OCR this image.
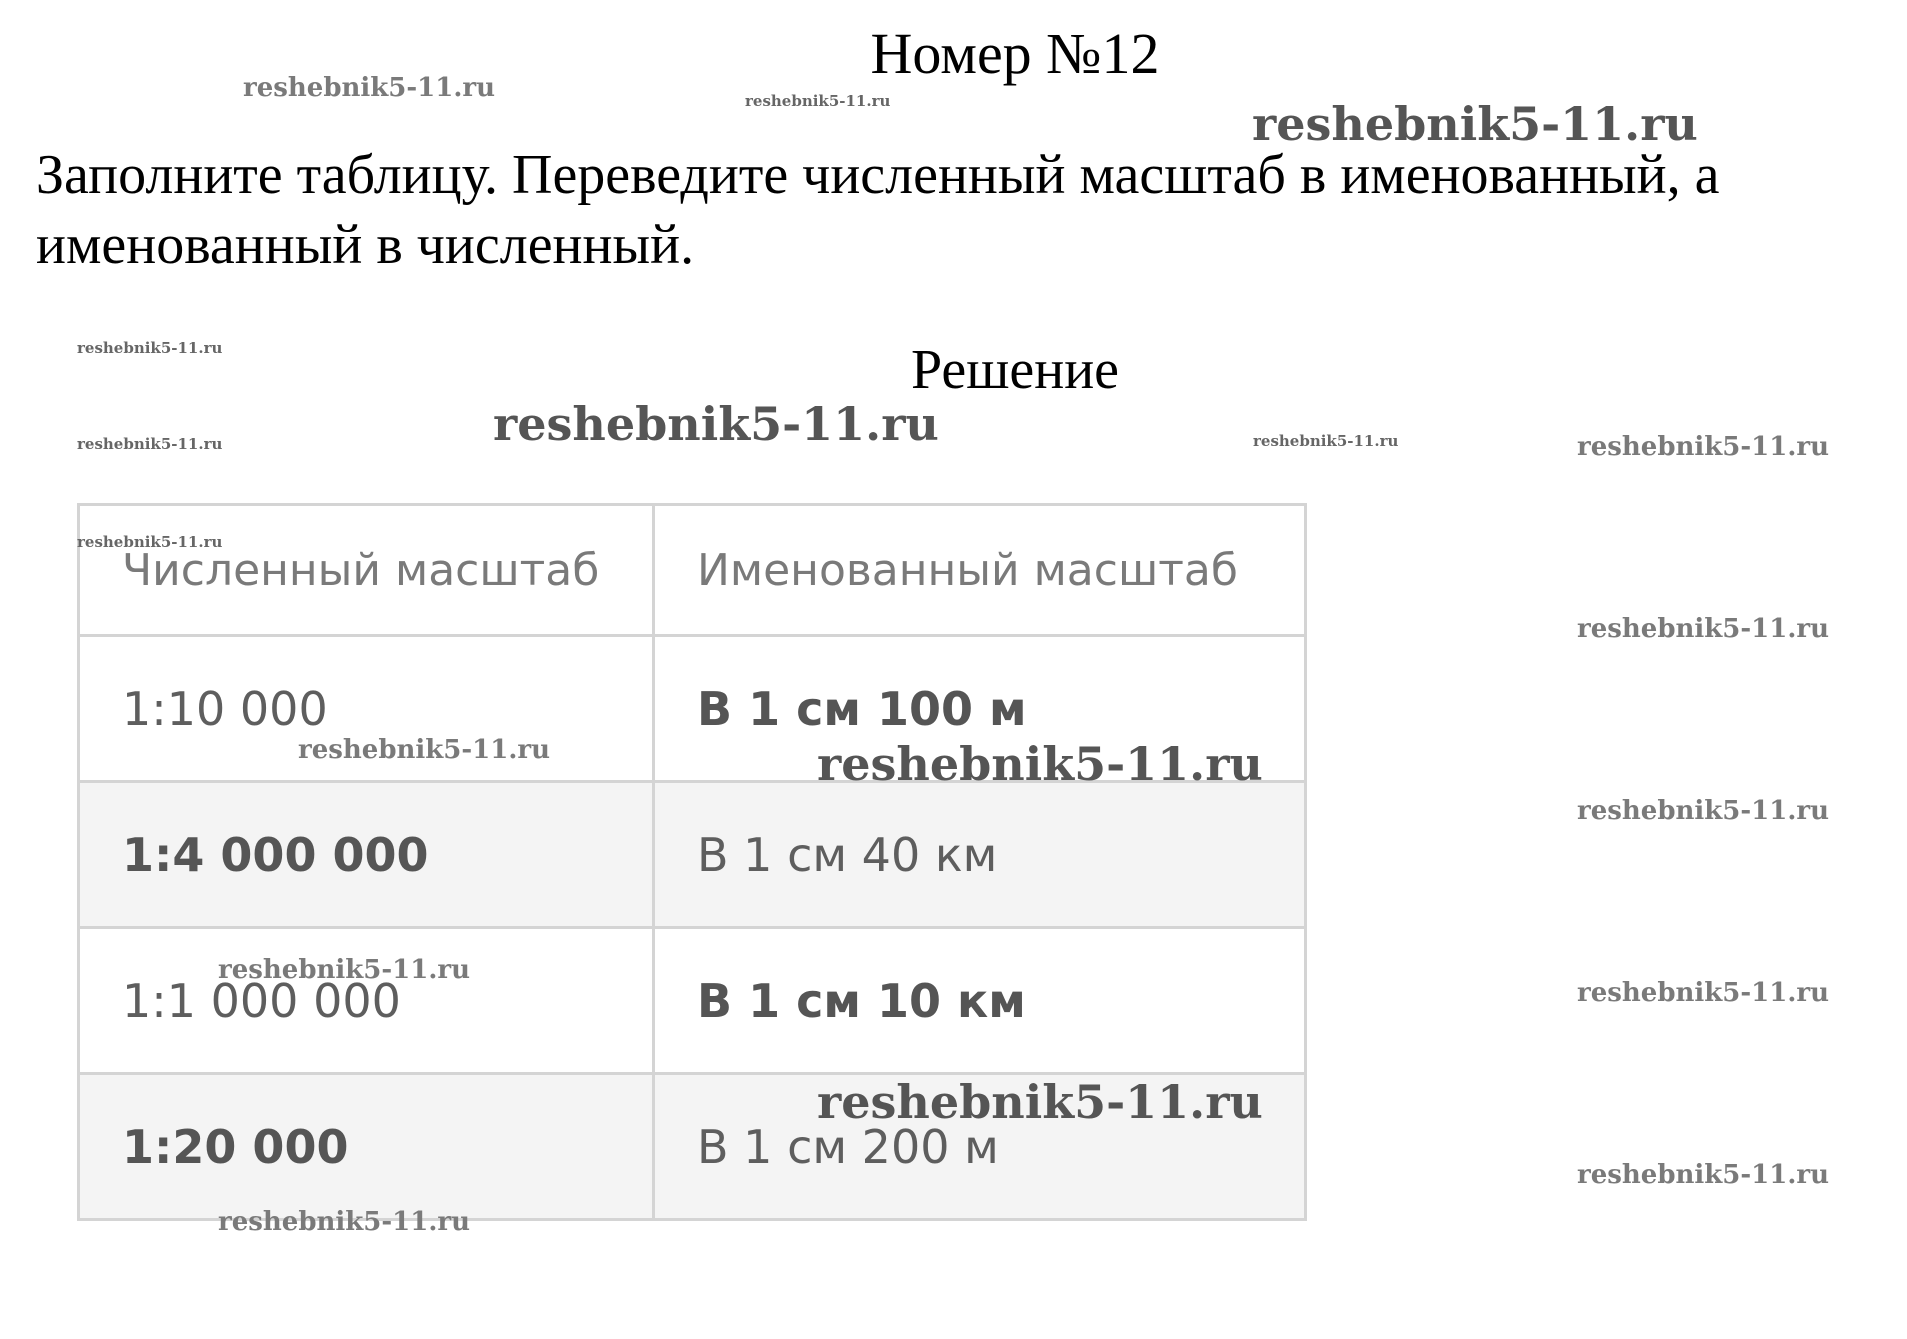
Номер №12
Заполните таблицу. Переведите численный масштаб в именованный, а именованный в численный.
Решение
Численный масштаб	Именованный масштаб
1:10 000	В 1 см 100 м
1:4 000 000	В 1 см 40 км
1:1 000 000	В 1 см 10 км
1:20 000	В 1 см 200 м
reshebnik5-11.ru	reshebnik5-11.ru	reshebnik5-11.ru
reshebnik5-11.ru
reshebnik5-11.ru	reshebnik5-11.ru	reshebnik5-11.ru	reshebnik5-11.ru
reshebnik5-11.ru
reshebnik5-11.ru
reshebnik5-11.ru	reshebnik5-11.ru
reshebnik5-11.ru
reshebnik5-11.ru
reshebnik5-11.ru
reshebnik5-11.ru
reshebnik5-11.ru
reshebnik5-11.ru
